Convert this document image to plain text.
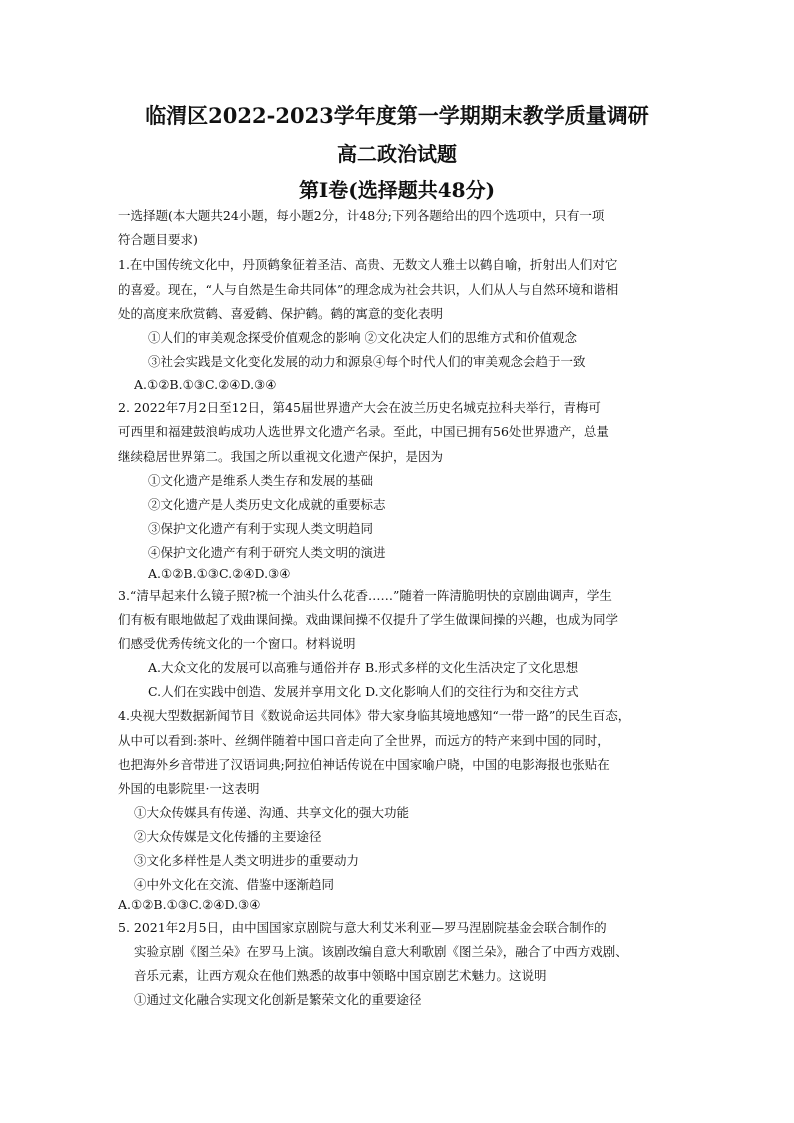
临渭区2022-2023学年度第一学期期末教学质量调研
高二政治试题
第I卷(选择题共48分)
一选择题(本大题共24小题，每小题2分，计48分;下列各题给出的四个选项中，只有一项
符合题目要求)
1.在中国传统文化中，丹顶鹤象征着圣洁、高贵、无数文人雅士以鹤自喻，折射出人们对它
的喜爱。现在，“人与自然是生命共同体”的理念成为社会共识，人们从人与自然环境和谐相
处的高度来欣赏鹤、喜爱鹤、保护鹤。鹤的寓意的变化表明
①人们的审美观念探受价值观念的影响 ②文化决定人们的思维方式和价值观念
③社会实践是文化变化发展的动力和源泉④每个时代人们的审美观念会趋于一致
A.①②B.①③C.②④D.③④
2. 2022年7月2日至12日，第45届世界遗产大会在波兰历史名城克拉科夫举行，青梅可
可西里和福建鼓浪屿成功人选世界文化遗产名录。至此，中国已拥有56处世界遗产，总量
继续稳居世界第二。我国之所以重视文化遗产保护，是因为
①文化遗产是维系人类生存和发展的基础
②文化遗产是人类历史文化成就的重要标志
③保护文化遗产有利于实现人类文明趋同
④保护文化遗产有利于研究人类文明的演进
A.①②B.①③C.②④D.③④
3.“清早起来什么镜子照?梳一个油头什么花香……”随着一阵清脆明快的京剧曲调声，学生
们有板有眼地做起了戏曲课间操。戏曲课间操不仅提升了学生做课间操的兴趣，也成为同学
们感受优秀传统文化的一个窗口。材料说明
A.大众文化的发展可以高雅与通俗并存 B.形式多样的文化生活决定了文化思想
C.人们在实践中创造、发展并享用文化 D.文化影响人们的交往行为和交往方式
4.央视大型数据新闻节目《数说命运共同体》带大家身临其境地感知“一带一路”的民生百态，
从中可以看到:茶叶、丝绸伴随着中国口音走向了全世界，而远方的特产来到中国的同时，
也把海外乡音带进了汉语词典;阿拉伯神话传说在中国家喻户晓，中国的电影海报也张贴在
外国的电影院里·一这表明
①大众传媒具有传递、沟通、共享文化的强大功能
②大众传媒是文化传播的主要途径
③文化多样性是人类文明进步的重要动力
④中外文化在交流、借鉴中逐渐趋同
A.①②B.①③C.②④D.③④
5. 2021年2月5日，由中国国家京剧院与意大利艾米利亚—罗马涅剧院基金会联合制作的
实验京剧《图兰朵》在罗马上演。该剧改编自意大利歌剧《图兰朵》，融合了中西方戏剧、
音乐元素，让西方观众在他们熟悉的故事中领略中国京剧艺术魅力。这说明
①通过文化融合实现文化创新是繁荣文化的重要途径
